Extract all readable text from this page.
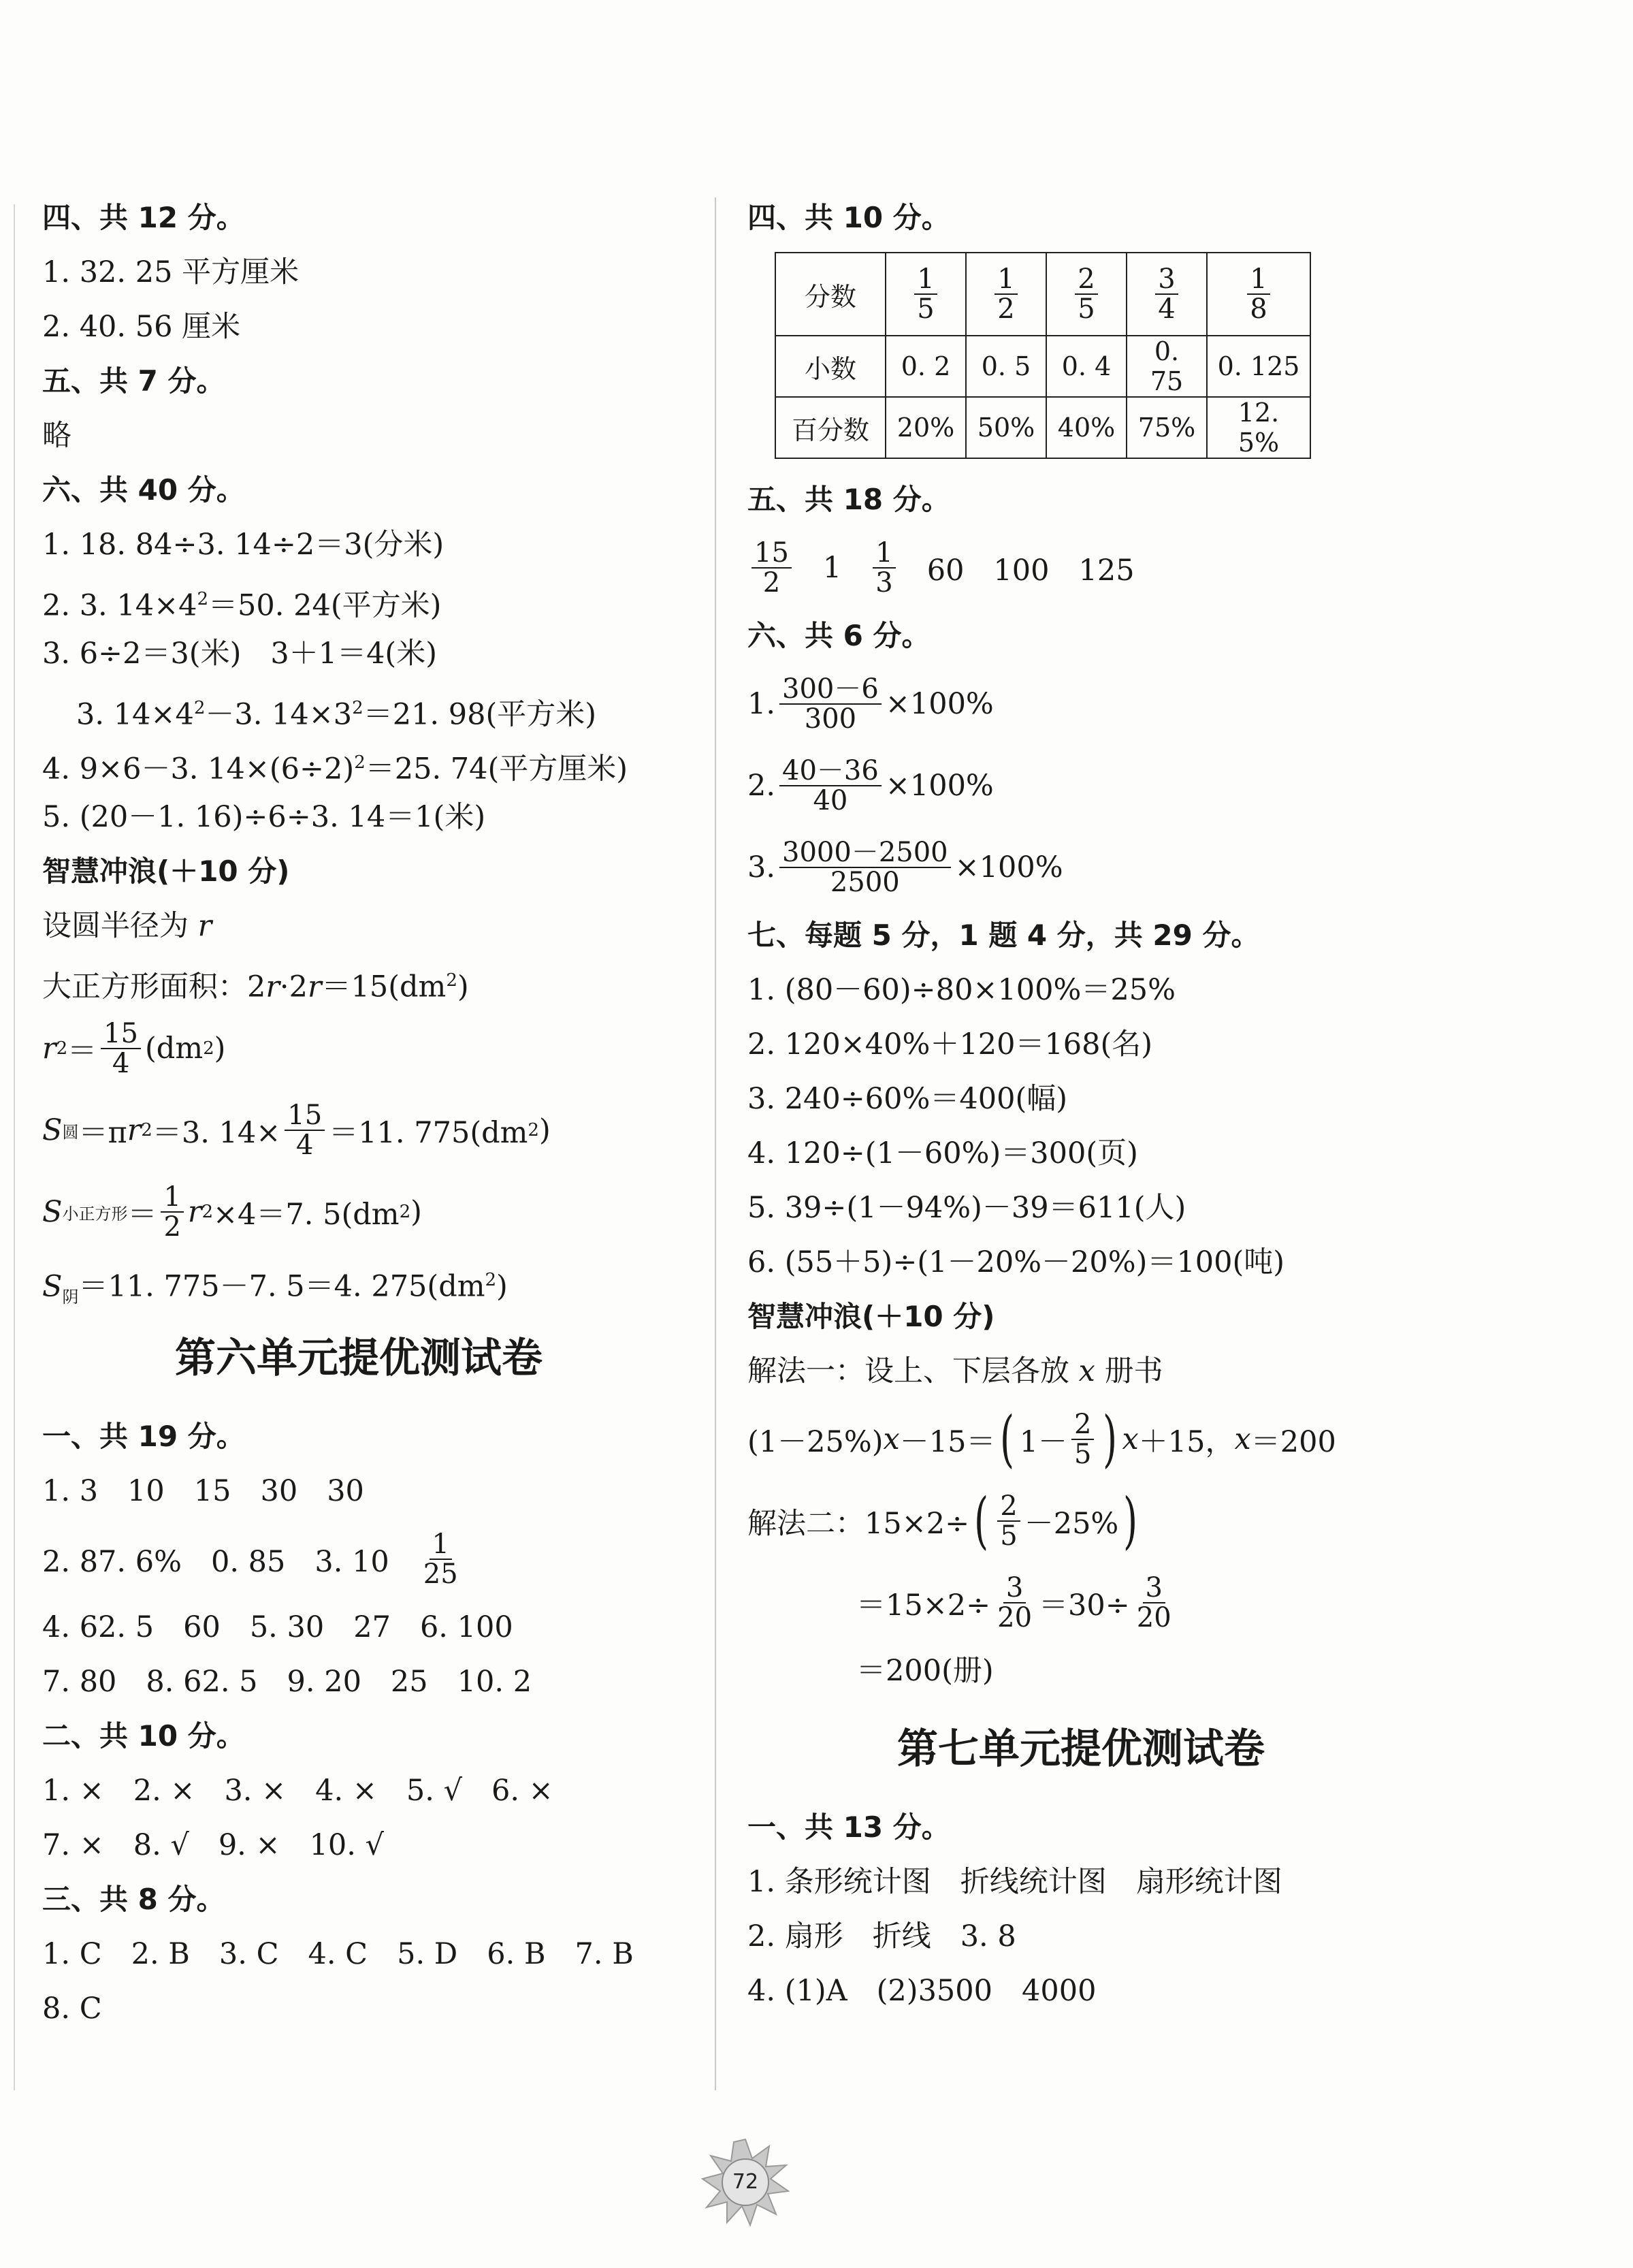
四、共 12 分。
1. 32. 25 平方厘米
2. 40. 56 厘米
五、共 7 分。
略
六、共 40 分。
1. 18. 84÷3. 14÷2＝3(分米)
2. 3. $14\times 4^2=50$. 24(平方米)
3. 6÷2＝3(米)　3＋1＝4(米)
3. $14\times 4^2-3$. $14\times 3^2=21$. 98(平方米)
4. 9×6－3. $14\times(6\div 2)^2=25$. 74(平方厘米)
5. (20－1. 16)÷6÷3. 14＝1(米)
智慧冲浪(＋10 分)
设圆半径为 r
大正方形面积：$2r\cdot 2r=15(dm^2)$
r $2 = \frac{15}{4} (dm$ 2 )
S 圆 ＝π r 2 ＝3. $14\times \frac{15}{4} =11$. 775(dm 2 )
S 小正方形 ＝ $\frac{1}{2}$ r 2 ×4＝7. 5(dm 2 )
$S_阴=11$. 775－7. 5＝4. $275(dm^2)$
第六单元提优测试卷
一、共 19 分。
1. 3　10　15　30　30
2. 87. 6%　0. 85　3. $10 \frac{1}{25}$
4. 62. 5　60　5. 30　27　6. 100
7. 80　8. 62. 5　9. 20　25　10. 2
二、共 10 分。
1. ×　2. ×　3. ×　4. ×　5. √　6. ×
7. ×　8. √　9. ×　10. √
三、共 8 分。
1. C　2. B　3. C　4. C　5. D　6. B　7. B
8. C
四、共 10 分。
分数	$\frac{1}{5}$	$\frac{1}{2}$	$\frac{2}{5}$	$\frac{3}{4}$	$\frac{1}{8}$

小数	0. 2	0. 5	0. 4	0. 75	0. 125
百分数	20%	50%	40%	75%	12. 5%
五、共 18 分。
$\frac{15}{2} 1 \frac{1}{3} 60$　100　125
六、共 6 分。
1. $\frac{300-6}{300} \times 100\%$
2. $\frac{40-36}{40} \times 100\%$
3. $\frac{3000-2500}{2500} \times 100\%$
七、每题 5 分，1 题 4 分，共 29 分。
1. (80－60)÷80×100%＝25%
2. 120×40%＋120＝168(名)
3. 240÷60%＝400(幅)
4. 120÷(1－60%)＝300(页)
5. 39÷(1－94%)－39＝611(人)
6. (55＋5)÷(1－20%－20%)＝100(吨)
智慧冲浪(＋10 分)
解法一：设上、下层各放 x 册书
(1－25%) x －15＝ ( $1- \frac{2}{5}$ ) x ＋15， x ＝200
解法二：15×2÷ ( $\frac{2}{5} -25\%$ )
$=15\times 2\div \frac{3}{20} =30\div \frac{3}{20}$
＝200(册)
第七单元提优测试卷
一、共 13 分。
1. 条形统计图　折线统计图　扇形统计图
2. 扇形　折线　3. 8
4. (1)A　(2)3500　4000
72
